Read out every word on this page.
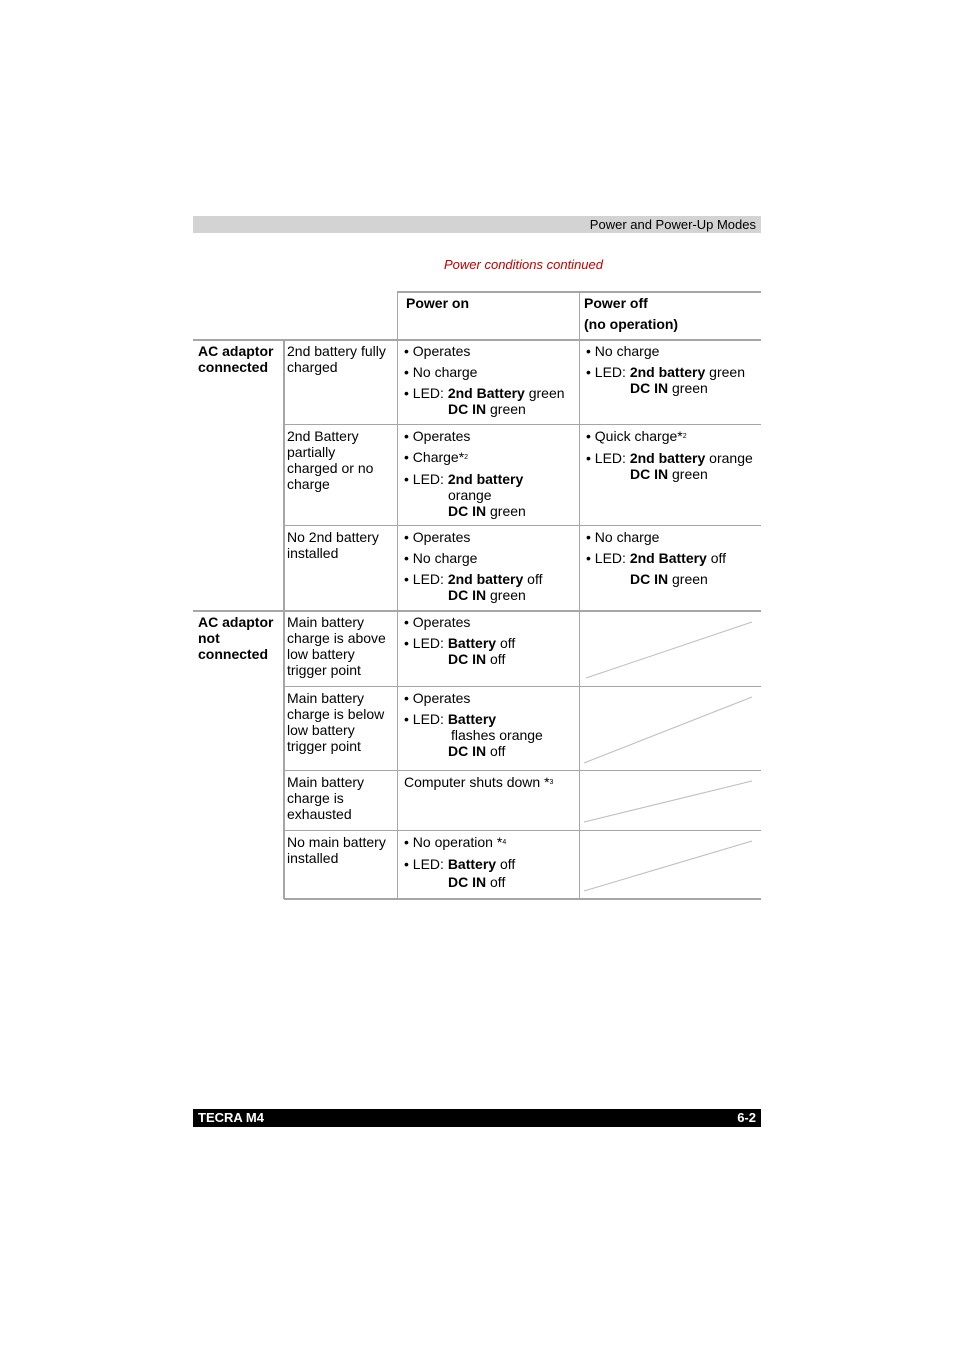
Power and Power-Up Modes
Power conditions continued
Power on	Power off
(no operation)
AC adaptor connected
AC adaptor not connected
2nd battery fully charged
• Operates
• No charge
• LED: 2nd Battery green
DC IN green
• No charge
• LED: 2nd battery green
DC IN green
2nd Battery partially charged or no charge
• Operates
• Charge*$^2$
• LED: 2nd battery
orange
DC IN green
• Quick charge*$^2$
• LED: 2nd battery orange
DC IN green
No 2nd battery installed
• Operates
• No charge
• LED: 2nd battery off
DC IN green
• No charge
• LED: 2nd Battery off
DC IN green
Main battery charge is above low battery trigger point
• Operates
• LED: Battery off
DC IN off
Main battery charge is below low battery trigger point
• Operates
• LED: Battery
flashes orange
DC IN off
Main battery charge is exhausted
Computer shuts down *$^3$
No main battery installed
• No operation *$^4$
• LED: Battery off
DC IN off
TECRA M4	6-2
